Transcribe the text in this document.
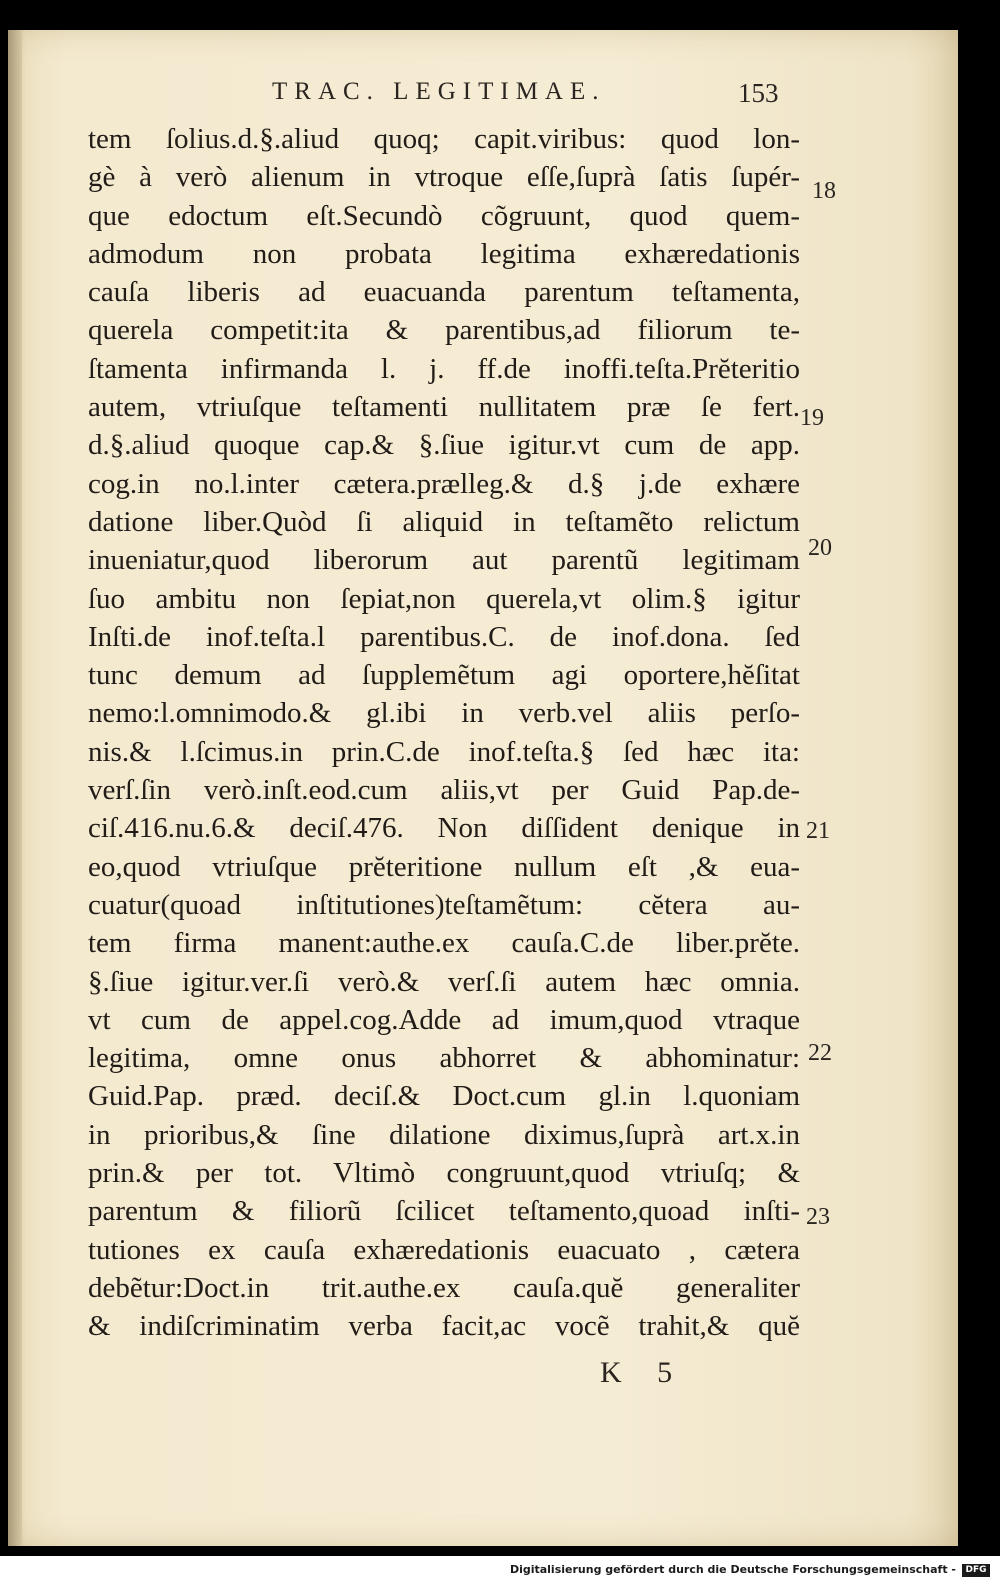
TRAC. LEGITIMAE.	153
tem ſolius.d.§.aliud quoq; capit.viribus: quod lon-
gè à verò alienum in vtroque eſſe,ſuprà ſatis ſupér-
que edoctum eſt.Secundò cõgruunt, quod quem-
admodum non probata legitima exhæredationis
cauſa liberis ad euacuanda parentum teſtamenta,
querela competit:ita & parentibus,ad filiorum te-
ſtamenta infirmanda l. j. ff.de inoffi.teſta.Prĕteritio
autem, vtriuſque teſtamenti nullitatem præ ſe fert.
d.§.aliud quoque cap.& §.ſiue igitur.vt cum de app.
cog.in no.l.inter cætera.prælleg.& d.§ j.de exhære
datione liber.Quòd ſi aliquid in teſtamẽto relictum
inueniatur,quod liberorum aut parentũ legitimam
ſuo ambitu non ſepiat,non querela,vt olim.§ igitur
Inſti.de inof.teſta.l parentibus.C. de inof.dona. ſed
tunc demum ad ſupplemẽtum agi oportere,hĕſitat
nemo:l.omnimodo.& gl.ibi in verb.vel aliis perſo-
nis.& l.ſcimus.in prin.C.de inof.teſta.§ ſed hæc ita:
verſ.ſin verò.inſt.eod.cum aliis,vt per Guid Pap.de-
ciſ.416.nu.6.& deciſ.476. Non diſſident denique in
eo,quod vtriuſque prĕteritione nullum eſt ,& eua-
cuatur(quoad inſtitutiones)teſtamẽtum: cĕtera au-
tem firma manent:authe.ex cauſa.C.de liber.prĕte.
§.ſiue igitur.ver.ſi verò.& verſ.ſi autem hæc omnia.
vt cum de appel.cog.Adde ad imum,quod vtraque
legitima, omne onus abhorret & abhominatur:
Guid.Pap. præd. deciſ.& Doct.cum gl.in l.quoniam
in prioribus,& ſine dilatione diximus,ſuprà art.x.in
prin.& per tot. Vltimò congruunt,quod vtriuſq; &
parentum & filiorũ ſcilicet teſtamento,quoad inſti-
tutiones ex cauſa exhæredationis euacuato , cætera
debẽtur:Doct.in trit.authe.ex cauſa.quĕ generaliter
& indiſcriminatim verba facit,ac vocẽ trahit,& quĕ
18
19
20
21
22
23
K 5
Digitalisierung gefördert durch die Deutsche Forschungsgemeinschaft -	DFG
